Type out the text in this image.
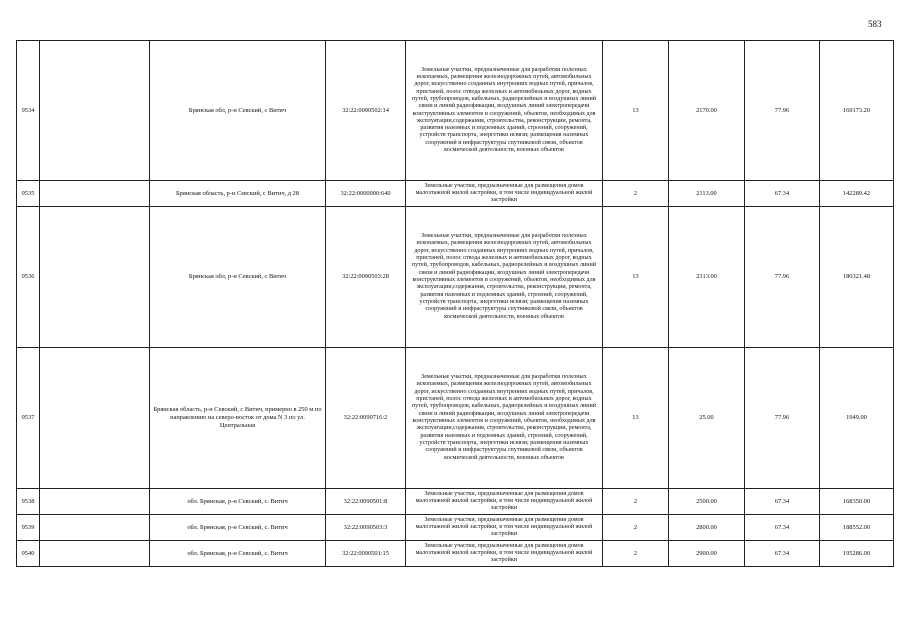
583
9534		Брянская обл, р-н Севский, с Витич	32:22:0090502:14	Земельные участки, предназначенные для разработки полезных ископаемых, размещения железнодорожных путей, автомобильных дорог, искусственно созданных внутренних водных путей, причалов, пристаней, полос отвода железных и автомобильных дорог, водных путей, трубопроводов, кабельных, радиорелейных и воздушных линий связи и линий радиофикации, воздушных линий электропередачи конструктивных элементов и сооружений, объектов, необходимых для эксплуатации,содержания, строительства, реконструкции, ремонта, развития наземных и подземных зданий, строений, сооружений, устройств транспорта, энергетики исвязи; размещения наземных сооружений и инфраструктуры спутниковой связи, объектов космической деятельности, военных объектов	13	2170.00	77.96	169173.20
9535		Брянская область, р-н Севский, с Витич, д 28	32:22:0000000:640	Земельные участки, предназначенные для размещения домов малоэтажной жилой застройки, в том числе индивидуальной жилой застройки	2	2113.00	67.34	142289.42
9536		Брянская обл, р-н Севский, с Витич	32:22:0090503:28	Земельные участки, предназначенные для разработки полезных ископаемых, размещения железнодорожных путей, автомобильных дорог, искусственно созданных внутренних водных путей, причалов, пристаней, полос отвода железных и автомобильных дорог, водных путей, трубопроводов, кабельных, радиорелейных и воздушных линий связи и линий радиофикации, воздушных линий электропередачи конструктивных элементов и сооружений, объектов, необходимых для эксплуатации,содержания, строительства, реконструкции, ремонта, развития наземных и подземных зданий, строений, сооружений, устройств транспорта, энергетики исвязи; размещения наземных сооружений и инфраструктуры спутниковой связи, объектов космической деятельности, военных объектов	13	2313.00	77.96	180321.48
9537		Брянская область, р-н Севский, с Витич, примерно в 250 м по направлению на северо-восток от дома N 3 по ул. Центральная	32:22:0090716:2	Земельные участки, предназначенные для разработки полезных ископаемых, размещения железнодорожных путей, автомобильных дорог, искусственно созданных внутренних водных путей, причалов, пристаней, полос отвода железных и автомобильных дорог, водных путей, трубопроводов, кабельных, радиорелейных и воздушных линий связи и линий радиофикации, воздушных линий электропередачи конструктивных элементов и сооружений, объектов, необходимых для эксплуатации,содержания, строительства, реконструкции, ремонта, развития наземных и подземных зданий, строений, сооружений, устройств транспорта, энергетики исвязи; размещения наземных сооружений и инфраструктуры спутниковой связи, объектов космической деятельности, военных объектов	13	25.00	77.96	1949.00
9538		обл. Брянская, р-н Севский, с. Витич	32:22:0090501:8	Земельные участки, предназначенные для размещения домов малоэтажной жилой застройки, в том числе индивидуальной жилой застройки	2	2500.00	67.34	168350.00
9539		обл. Брянская, р-н Севский, с. Витич	32:22:0090503:3	Земельные участки, предназначенные для размещения домов малоэтажной жилой застройки, в том числе индивидуальной жилой застройки	2	2800.00	67.34	188552.00
9540		обл. Брянская, р-н Севский, с. Витич	32:22:0090501:15	Земельные участки, предназначенные для размещения домов малоэтажной жилой застройки, в том числе индивидуальной жилой застройки	2	2900.00	67.34	195286.00
